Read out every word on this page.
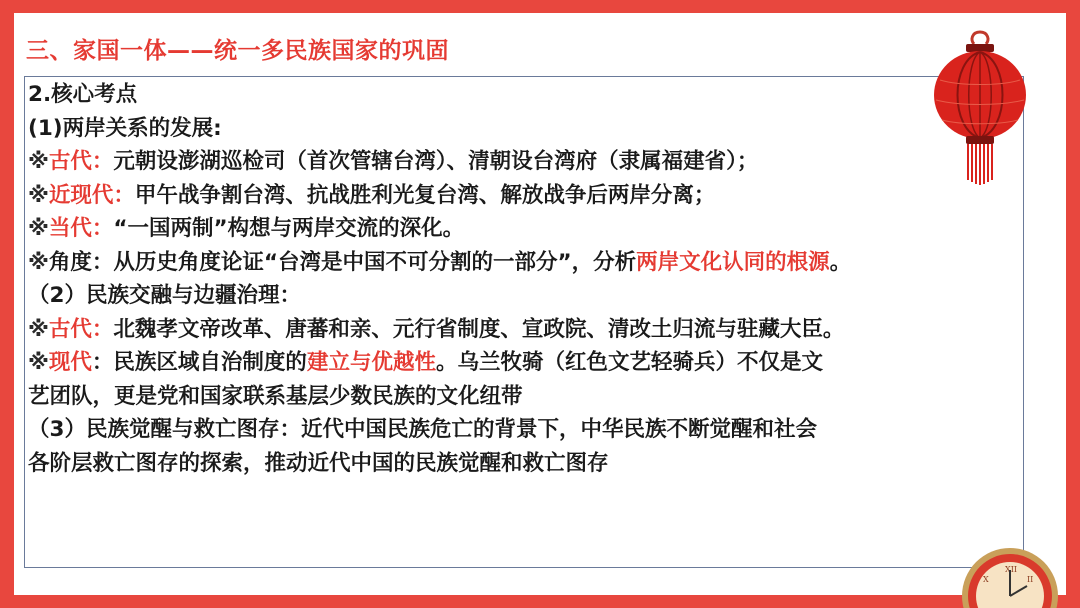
三、家国一体——统一多民族国家的巩固
2.核心考点
(1)两岸关系的发展:
※古代：元朝设澎湖巡检司（首次管辖台湾）、清朝设台湾府（隶属福建省）；
※近现代：甲午战争割台湾、抗战胜利光复台湾、解放战争后两岸分离；
※当代：“一国两制”构想与两岸交流的深化。
※角度：从历史角度论证“台湾是中国不可分割的一部分”，分析两岸文化认同的根源。
（2）民族交融与边疆治理：
※古代：北魏孝文帝改革、唐蕃和亲、元行省制度、宣政院、清改土归流与驻藏大臣。
※现代：民族区域自治制度的建立与优越性。乌兰牧骑（红色文艺轻骑兵）不仅是文
艺团队，更是党和国家联系基层少数民族的文化纽带
（3）民族觉醒与救亡图存：近代中国民族危亡的背景下，中华民族不断觉醒和社会
各阶层救亡图存的探索，推动近代中国的民族觉醒和救亡图存
XII
X	II
